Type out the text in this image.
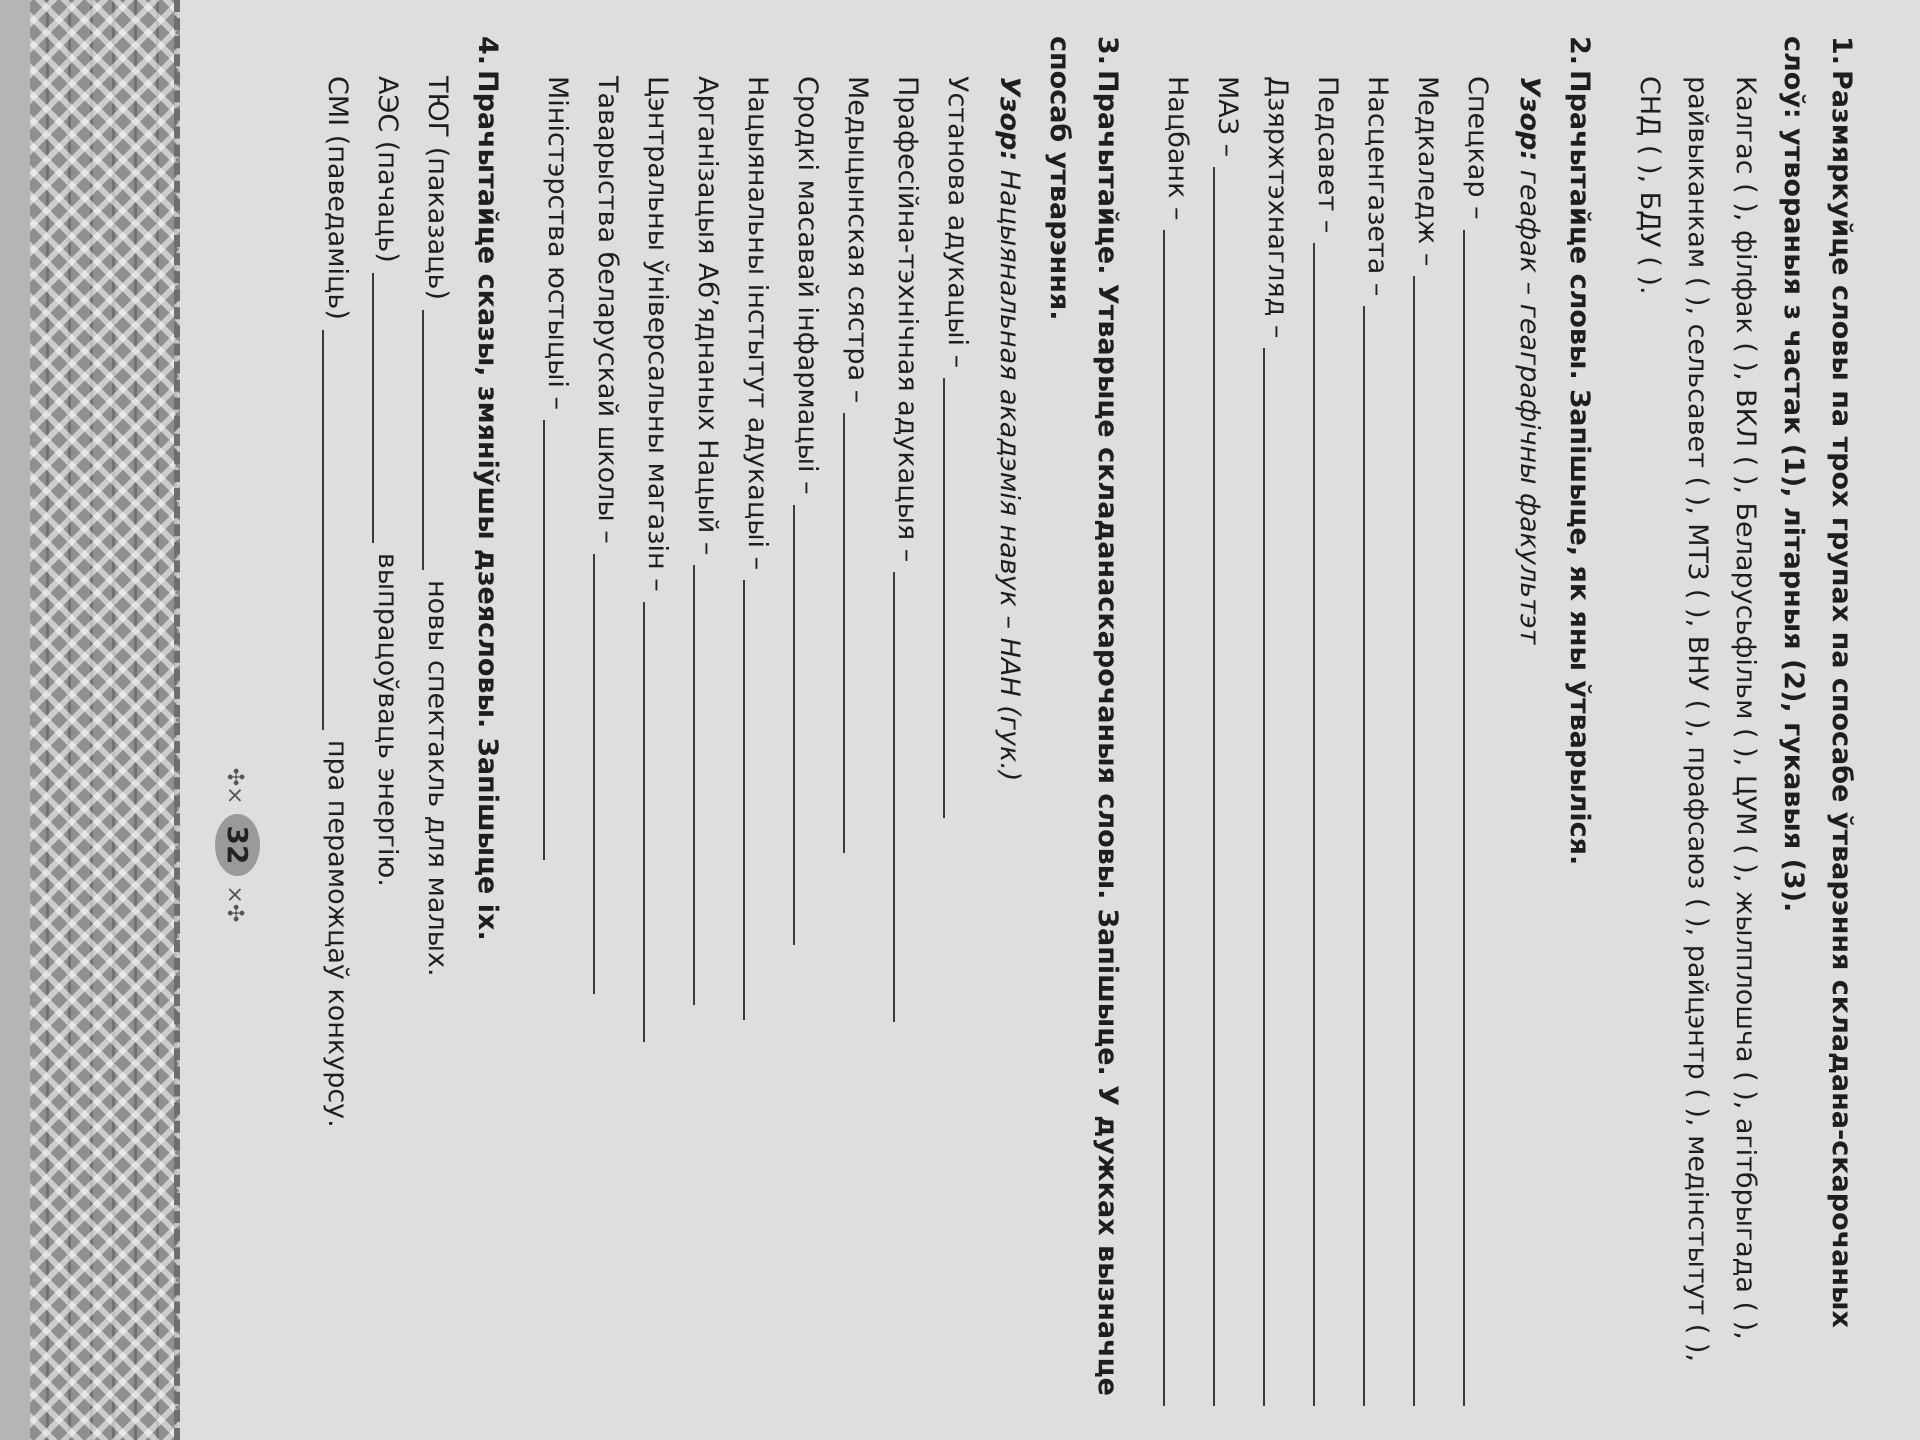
1.Размяркуйце словы па трох групах па спосабе ўтварэння складана-скарочаных слоў: утвораныя з частак (1), літарныя (2), гукавыя (3).

Калгас ( ), філфак ( ), ВКЛ ( ), Беларусьфільм ( ), ЦУМ ( ), жылплошча ( ), агітбрыгада ( ), райвыканкам ( ), сельсавет ( ), МТЗ ( ), ВНУ ( ), прафсаюз ( ), райцэнтр ( ), медінстытут ( ), СНД ( ), БДУ ( ).

2.Прачытайце словы. Запішыце, як яны ўтварыліся.
Узор: геафак – геаграфічны факультэт
Спецкар –
Медкаледж –
Насценгазета –
Педсавет –
Дзяржтэхнагляд –
МАЗ –
Нацбанк –
3.Прачытайце. Утварыце складанаскарочаныя словы. Запішыце. У дужках вызначце спосаб утварэння.
Узор: Нацыянальная акадэмія навук – НАН (гук.)
Установа адукацыі –
Прафесійна-тэхнічная адукацыя –
Медыцынская сястра –
Сродкі масавай інфармацыі –
Нацыянальны інстытут адукацыі –
Арганізацыя Аб’яднаных Нацый –
Цэнтральны ўніверсальны магазін –
Таварыства беларускай школы –
Міністэрства юстыцыі –
4.Прачытайце сказы, змяніўшы дзеясловы. Запішыце іх.
ТЮГ (паказаць)
новы спектакль для малых.
АЭС (пачаць)
выпрацоўваць энергію.
СМІ (паведаміць)
пра пераможцаў конкурсу.
✣⨯ 32 ⨯✣
